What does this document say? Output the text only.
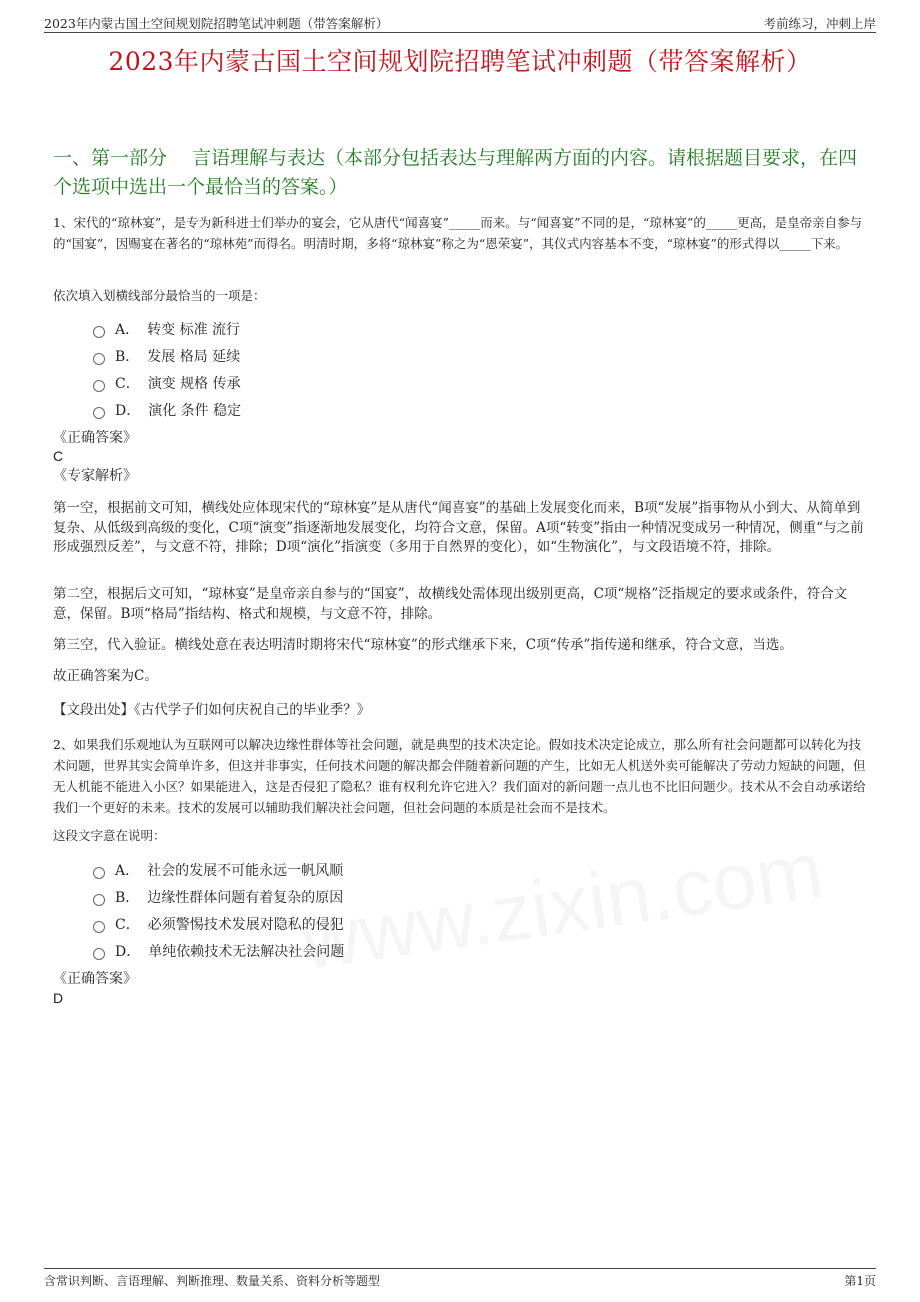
2023年内蒙古国土空间规划院招聘笔试冲刺题（带答案解析）	考前练习，冲刺上岸
2023年内蒙古国土空间规划院招聘笔试冲刺题（带答案解析）
一、第一部分　 言语理解与表达（本部分包括表达与理解两方面的内容。请根据题目要求，在四个选项中选出一个最恰当的答案。）
1、宋代的“琼林宴”，是专为新科进士们举办的宴会，它从唐代“闻喜宴”_____而来。与“闻喜宴”不同的是，“琼林宴”的_____更高，是皇帝亲自参与的“国宴”，因赐宴在著名的“琼林苑”而得名。明清时期，多将“琼林宴”称之为“恩荣宴”，其仪式内容基本不变，“琼林宴”的形式得以_____下来。
依次填入划横线部分最恰当的一项是：
A． 转变 标准 流行
B． 发展 格局 延续
C． 演变 规格 传承
D． 演化 条件 稳定
《正确答案》
C
《专家解析》
第一空，根据前文可知，横线处应体现宋代的“琼林宴”是从唐代“闻喜宴”的基础上发展变化而来，B项“发展”指事物从小到大、从简单到复杂、从低级到高级的变化，C项“演变”指逐渐地发展变化，均符合文意，保留。A项“转变”指由一种情况变成另一种情况，侧重“与之前形成强烈反差”，与文意不符，排除；D项“演化”指演变（多用于自然界的变化），如“生物演化”，与文段语境不符，排除。
第二空，根据后文可知，“琼林宴”是皇帝亲自参与的“国宴”，故横线处需体现出级别更高，C项“规格”泛指规定的要求或条件，符合文意，保留。B项“格局”指结构、格式和规模，与文意不符，排除。
第三空，代入验证。横线处意在表达明清时期将宋代“琼林宴”的形式继承下来，C项“传承”指传递和继承，符合文意，当选。
故正确答案为C。
【文段出处】《古代学子们如何庆祝自己的毕业季？》
2、如果我们乐观地认为互联网可以解决边缘性群体等社会问题，就是典型的技术决定论。假如技术决定论成立，那么所有社会问题都可以转化为技术问题，世界其实会简单许多，但这并非事实，任何技术问题的解决都会伴随着新问题的产生，比如无人机送外卖可能解决了劳动力短缺的问题，但无人机能不能进入小区？如果能进入，这是否侵犯了隐私？谁有权利允许它进入？我们面对的新问题一点儿也不比旧问题少。技术从不会自动承诺给我们一个更好的未来。技术的发展可以辅助我们解决社会问题，但社会问题的本质是社会而不是技术。
这段文字意在说明：
A． 社会的发展不可能永远一帆风顺
B． 边缘性群体问题有着复杂的原因
C． 必须警惕技术发展对隐私的侵犯
D． 单纯依赖技术无法解决社会问题
《正确答案》
D
含常识判断、言语理解、判断推理、数量关系、资料分析等题型	第1页
